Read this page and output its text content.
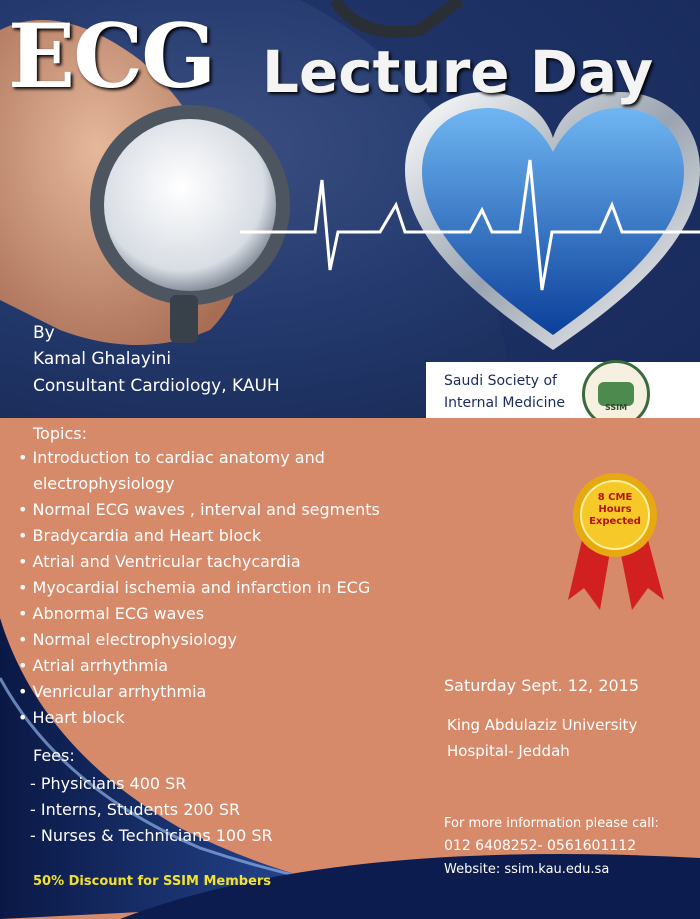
ECG Lecture Day
By
Kamal Ghalayini
Consultant Cardiology, KAUH	Saudi Society of
Internal Medicine	SSIM
Topics:
• Introduction to cardiac anatomy and
electrophysiology
• Normal ECG waves , interval and segments
• Bradycardia and Heart block
• Atrial and Ventricular tachycardia
• Myocardial ischemia and infarction in ECG
• Abnormal ECG waves
• Normal electrophysiology
• Atrial arrhythmia
• Venricular arrhythmia
• Heart block
8 CME
Hours
Expected
Saturday Sept. 12, 2015
King Abdulaziz University
Hospital- Jeddah
Fees:
- Physicians 400 SR
- Interns, Students 200 SR
- Nurses & Technicians 100 SR
50% Discount for SSIM Members
For more information please call:
012 6408252- 0561601112
Website: ssim.kau.edu.sa
